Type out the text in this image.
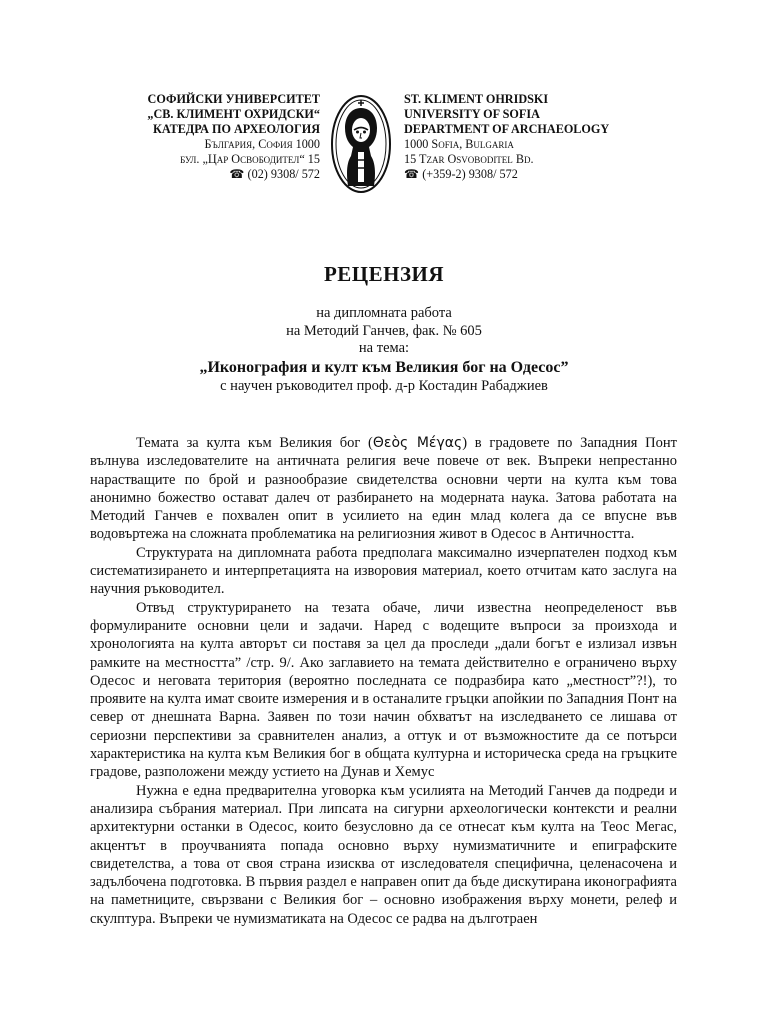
СОФИЙСКИ УНИВЕРСИТЕТ
„СВ. КЛИМЕНТ ОХРИДСКИ“
КАТЕДРА ПО АРХЕОЛОГИЯ
България, София 1000
бул. „Цар Освободител“ 15
☎ (02) 9308/ 572
ST. KLIMENT OHRIDSKI
UNIVERSITY OF SOFIA
DEPARTMENT OF ARCHAEOLOGY
1000 Sofia, Bulgaria
15 Tzar Osvoboditel Bd.
☎ (+359-2) 9308/ 572
РЕЦЕНЗИЯ
на дипломната работа
на Методий Ганчев, фак. № 605
на тема:
„Иконография и култ към Великия бог на Одесос”
с научен ръководител проф. д-р Костадин Рабаджиев

Темата за култа към Великия бог (Θεὸς Μέγας) в градовете по Западния Понт вълнува изследователите на античната религия вече повече от век. Въпреки непрестанно нарастващите по брой и разнообразие свидетелства основни черти на култа към това анонимно божество остават далеч от разбирането на модерната наука. Затова работата на Методий Ганчев е похвален опит в усилието на един млад колега да се впусне във водовъртежа на сложната проблематика на религиозния живот в Одесос в Античността.

Структурата на дипломната работа предполага максимално изчерпателен подход към систематизирането и интерпретацията на изворовия материал, което отчитам като заслуга на научния ръководител.

Отвъд структурирането на тезата обаче, личи известна неопределеност във формулираните основни цели и задачи. Наред с водещите въпроси за произхода и хронологията на култа авторът си поставя за цел да проследи „дали богът е излизал извън рамките на местността” /стр. 9/. Ако заглавието на темата действително е ограничено върху Одесос и неговата територия (вероятно последната се подразбира като „местност”?!), то проявите на култа имат своите измерения и в останалите гръцки апойкии по Западния Понт на север от днешната Варна. Заявен по този начин обхватът на изследването се лишава от сериозни перспективи за сравнителен анализ, а оттук и от възможностите да се потърси характеристика на култа към Великия бог в общата културна и историческа среда на гръцките градове, разположени между устието на Дунав и Хемус

Нужна е една предварителна уговорка към усилията на Методий Ганчев да подреди и анализира събрания материал. При липсата на сигурни археологически контексти и реални архитектурни останки в Одесос, които безусловно да се отнесат към култа на Теос Мегас, акцентът в проучванията попада основно върху нумизматичните и епиграфските свидетелства, а това от своя страна изисква от изследователя специфична, целенасочена и задълбочена подготовка. В първия раздел е направен опит да бъде дискутирана иконографията на паметниците, свързвани с Великия бог – основно изображения върху монети, релеф и скулптура. Въпреки че нумизматиката на Одесос се радва на дълготраен
